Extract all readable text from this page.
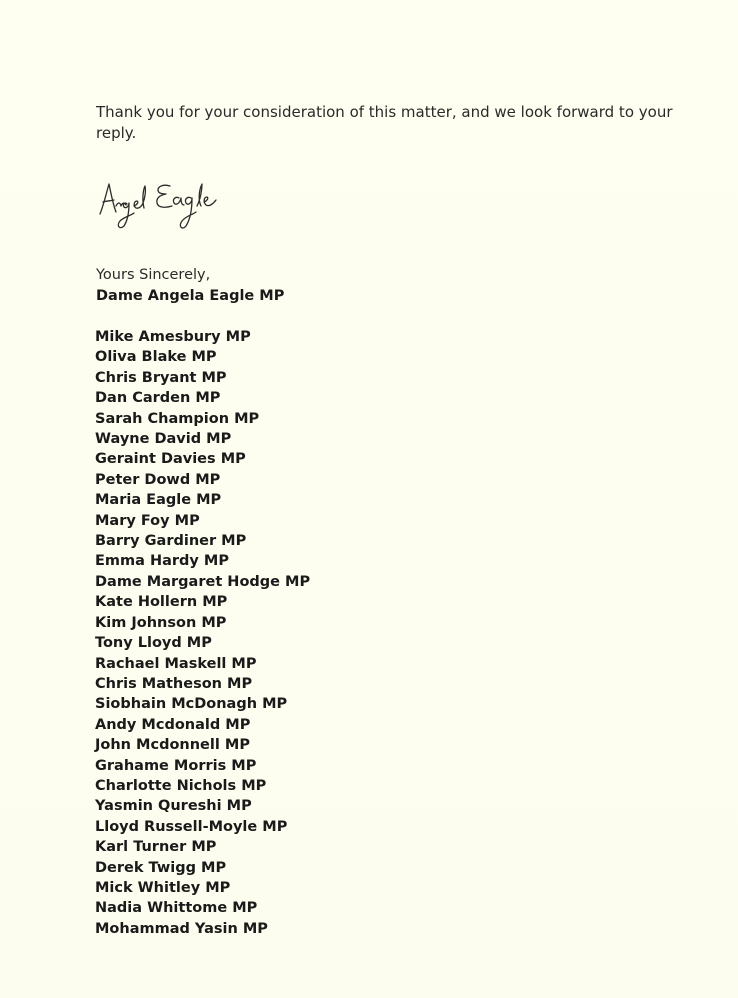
Thank you for your consideration of this matter, and we look forward to your reply.

Yours Sincerely,
Dame Angela Eagle MP
Mike Amesbury MP
Oliva Blake MP
Chris Bryant MP
Dan Carden MP
Sarah Champion MP
Wayne David MP
Geraint Davies MP
Peter Dowd MP
Maria Eagle MP
Mary Foy MP
Barry Gardiner MP
Emma Hardy MP
Dame Margaret Hodge MP
Kate Hollern MP
Kim Johnson MP
Tony Lloyd MP
Rachael Maskell MP
Chris Matheson MP
Siobhain McDonagh MP
Andy Mcdonald MP
John Mcdonnell MP
Grahame Morris MP
Charlotte Nichols MP
Yasmin Qureshi MP
Lloyd Russell-Moyle MP
Karl Turner MP
Derek Twigg MP
Mick Whitley MP
Nadia Whittome MP
Mohammad Yasin MP
